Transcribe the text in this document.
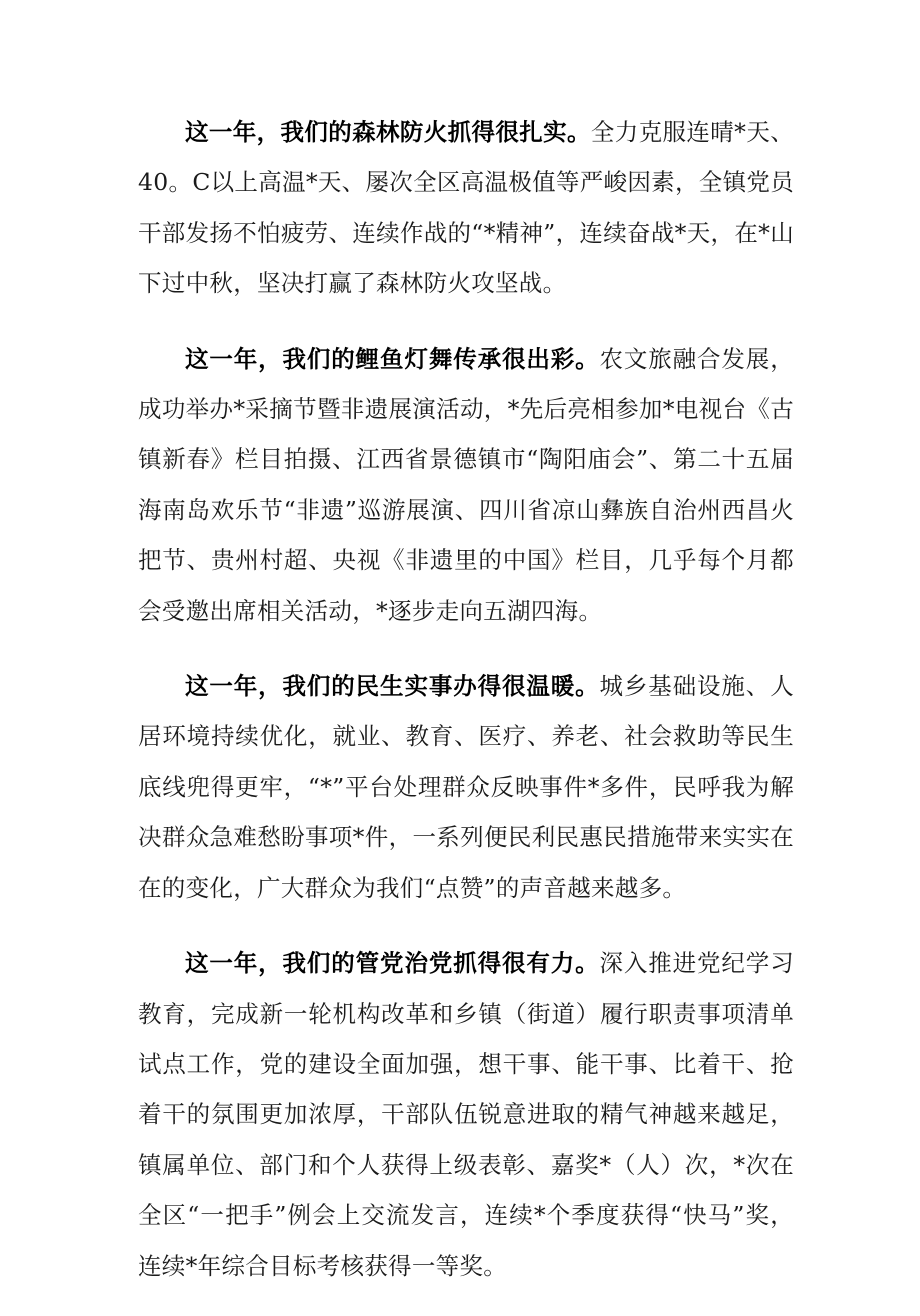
这一年，我们的森林防火抓得很扎实。全力克服连晴*天、40。C以上高温*天、屡次全区高温极值等严峻因素，全镇党员干部发扬不怕疲劳、连续作战的“*精神”，连续奋战*天，在*山下过中秋，坚决打赢了森林防火攻坚战。

这一年，我们的鲤鱼灯舞传承很出彩。农文旅融合发展，成功举办*采摘节暨非遗展演活动，*先后亮相参加*电视台《古镇新春》栏目拍摄、江西省景德镇市“陶阳庙会”、第二十五届海南岛欢乐节“非遗”巡游展演、四川省凉山彝族自治州西昌火把节、贵州村超、央视《非遗里的中国》栏目，几乎每个月都会受邀出席相关活动，*逐步走向五湖四海。

这一年，我们的民生实事办得很温暖。城乡基础设施、人居环境持续优化，就业、教育、医疗、养老、社会救助等民生底线兜得更牢，“*”平台处理群众反映事件*多件，民呼我为解决群众急难愁盼事项*件，一系列便民利民惠民措施带来实实在在的变化，广大群众为我们“点赞”的声音越来越多。

这一年，我们的管党治党抓得很有力。深入推进党纪学习教育，完成新一轮机构改革和乡镇（街道）履行职责事项清单试点工作，党的建设全面加强，想干事、能干事、比着干、抢着干的氛围更加浓厚，干部队伍锐意进取的精气神越来越足，镇属单位、部门和个人获得上级表彰、嘉奖*（人）次，*次在全区“一把手”例会上交流发言，连续*个季度获得“快马”奖，连续*年综合目标考核获得一等奖。
